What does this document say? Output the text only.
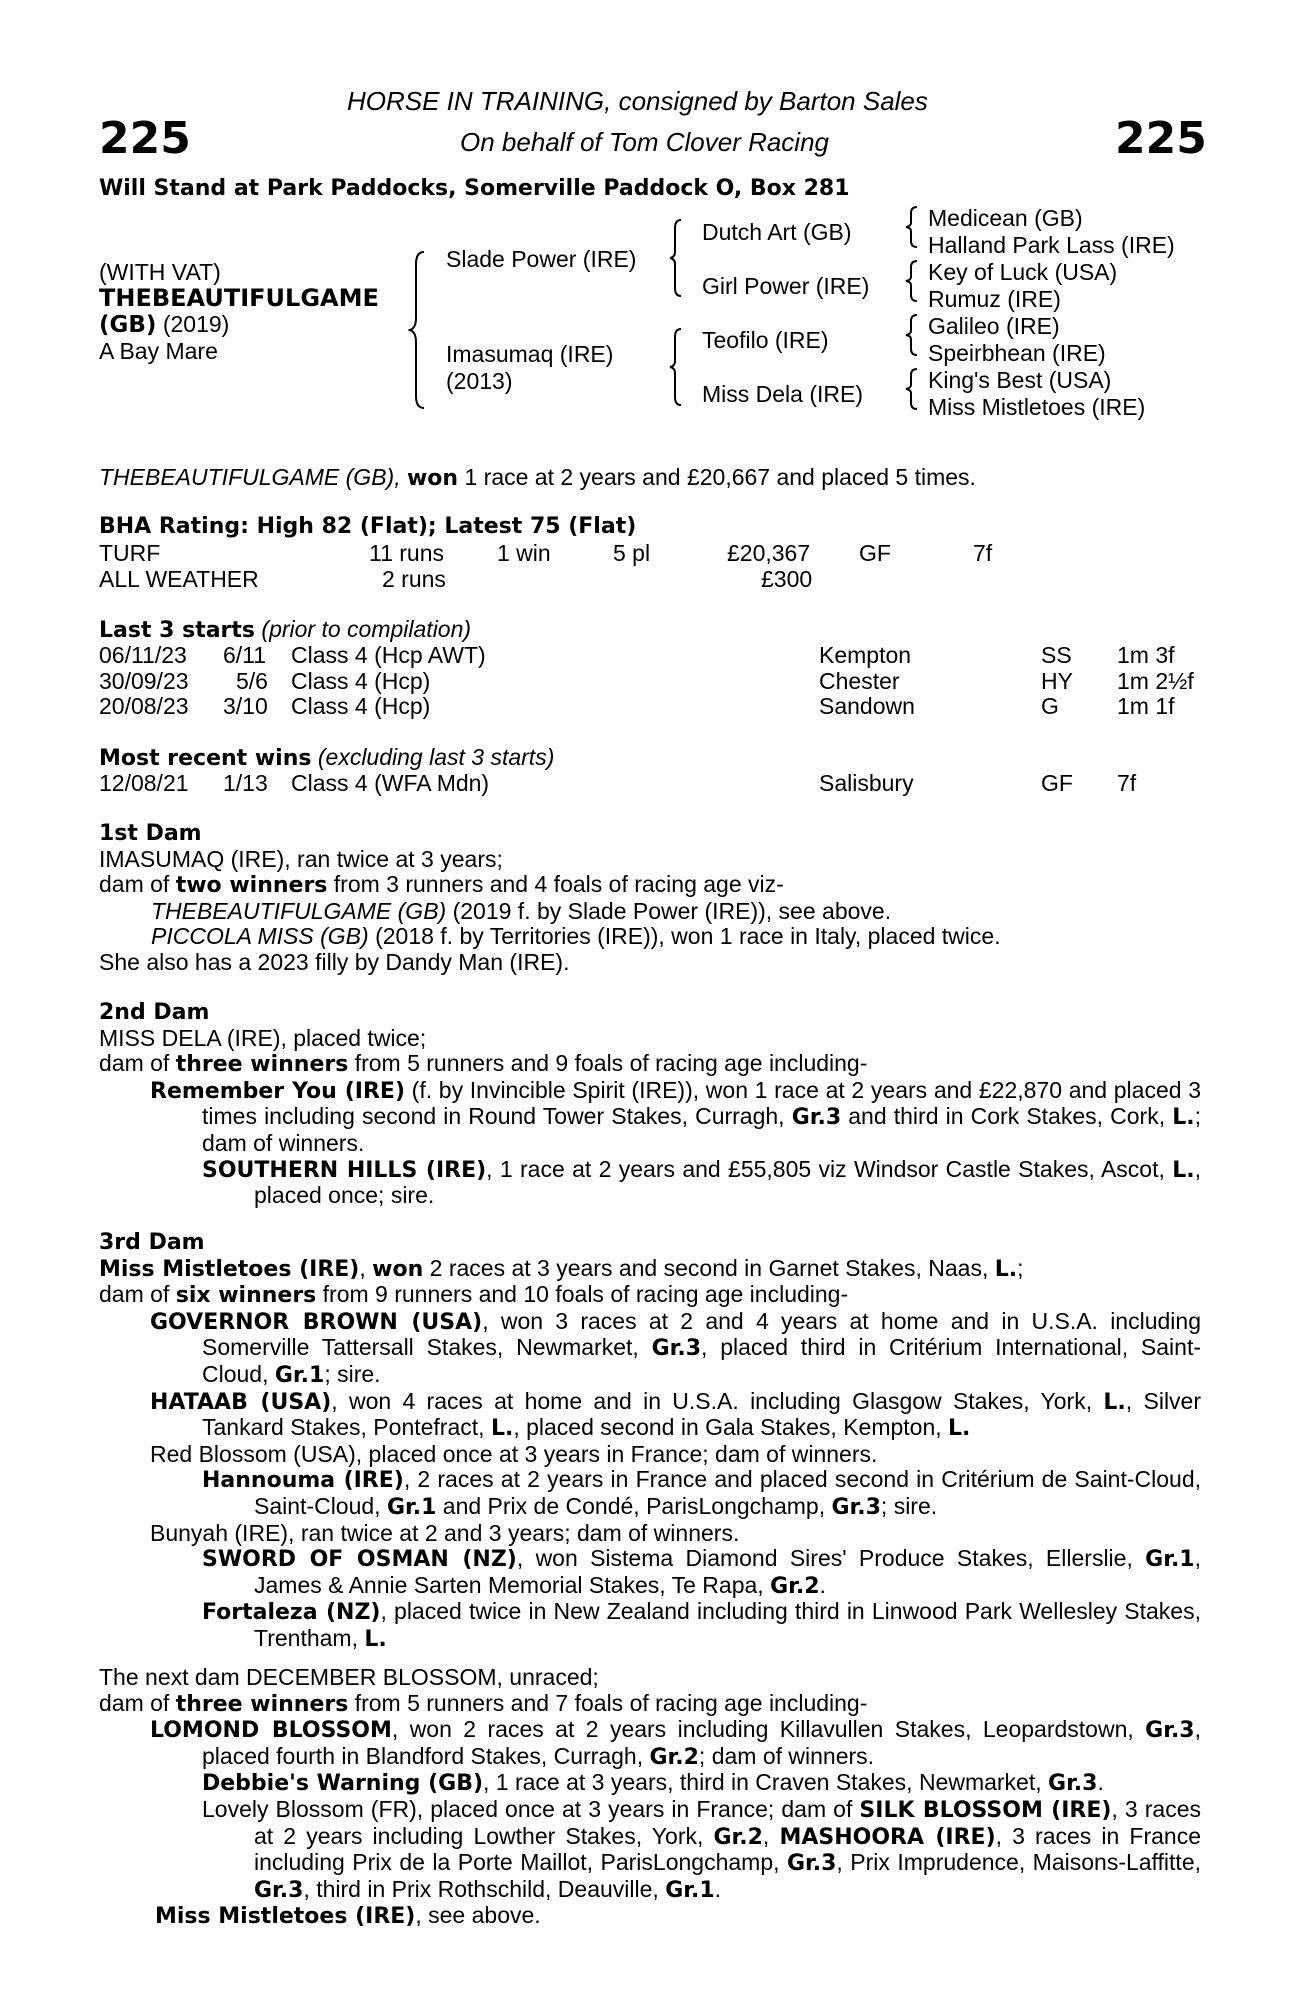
HORSE IN TRAINING, consigned by Barton Sales
On behalf of Tom Clover Racing
225	225
Will Stand at Park Paddocks, Somerville Paddock O, Box 281
(WITH VAT)
THEBEAUTIFULGAME
(GB) (2019)
A Bay Mare
Slade Power (IRE)
Imasumaq (IRE)
(2013)
Dutch Art (GB)
Girl Power (IRE)
Teofilo (IRE)
Miss Dela (IRE)
Medicean (GB)
Halland Park Lass (IRE)
Key of Luck (USA)
Rumuz (IRE)
Galileo (IRE)
Speirbhean (IRE)
King's Best (USA)
Miss Mistletoes (IRE)
THEBEAUTIFULGAME (GB), won 1 race at 2 years and £20,667 and placed 5 times.
BHA Rating: High 82 (Flat); Latest 75 (Flat)
TURF	11 runs 1 win	5 pl	£20,367 GF	7f
ALL WEATHER	2 runs	£300
Last 3 starts (prior to compilation)
06/11/23 6/11 Class 4 (Hcp AWT)	Kempton	SS 1m 3f
30/09/23 5/6 Class 4 (Hcp)	Chester	HY 1m 2½f
20/08/23 3/10 Class 4 (Hcp)	Sandown	G	1m 1f
Most recent wins (excluding last 3 starts)
12/08/21 1/13 Class 4 (WFA Mdn)	Salisbury	GF 7f
1st Dam
IMASUMAQ (IRE), ran twice at 3 years;
dam of two winners from 3 runners and 4 foals of racing age viz-
THEBEAUTIFULGAME (GB) (2019 f. by Slade Power (IRE)), see above.
PICCOLA MISS (GB) (2018 f. by Territories (IRE)), won 1 race in Italy, placed twice.
She also has a 2023 filly by Dandy Man (IRE).
2nd Dam
MISS DELA (IRE), placed twice;
dam of three winners from 5 runners and 9 foals of racing age including-
Remember You (IRE) (f. by Invincible Spirit (IRE)), won 1 race at 2 years and £22,870 and placed 3 times including second in Round Tower Stakes, Curragh, Gr.3 and third in Cork Stakes, Cork, L.; dam of winners.
SOUTHERN HILLS (IRE), 1 race at 2 years and £55,805 viz Windsor Castle Stakes, Ascot, L., placed once; sire.
3rd Dam
Miss Mistletoes (IRE), won 2 races at 3 years and second in Garnet Stakes, Naas, L.;
dam of six winners from 9 runners and 10 foals of racing age including-
GOVERNOR BROWN (USA), won 3 races at 2 and 4 years at home and in U.S.A. including Somerville Tattersall Stakes, Newmarket, Gr.3, placed third in Critérium International, Saint-Cloud, Gr.1; sire.
HATAAB (USA), won 4 races at home and in U.S.A. including Glasgow Stakes, York, L., Silver Tankard Stakes, Pontefract, L., placed second in Gala Stakes, Kempton, L.
Red Blossom (USA), placed once at 3 years in France; dam of winners.
Hannouma (IRE), 2 races at 2 years in France and placed second in Critérium de Saint-Cloud, Saint-Cloud, Gr.1 and Prix de Condé, ParisLongchamp, Gr.3; sire.
Bunyah (IRE), ran twice at 2 and 3 years; dam of winners.
SWORD OF OSMAN (NZ), won Sistema Diamond Sires' Produce Stakes, Ellerslie, Gr.1, James & Annie Sarten Memorial Stakes, Te Rapa, Gr.2.
Fortaleza (NZ), placed twice in New Zealand including third in Linwood Park Wellesley Stakes, Trentham, L.
The next dam DECEMBER BLOSSOM, unraced;
dam of three winners from 5 runners and 7 foals of racing age including-
LOMOND BLOSSOM, won 2 races at 2 years including Killavullen Stakes, Leopardstown, Gr.3, placed fourth in Blandford Stakes, Curragh, Gr.2; dam of winners.
Debbie's Warning (GB), 1 race at 3 years, third in Craven Stakes, Newmarket, Gr.3.
Lovely Blossom (FR), placed once at 3 years in France; dam of SILK BLOSSOM (IRE), 3 races at 2 years including Lowther Stakes, York, Gr.2, MASHOORA (IRE), 3 races in France including Prix de la Porte Maillot, ParisLongchamp, Gr.3, Prix Imprudence, Maisons-Laffitte, Gr.3, third in Prix Rothschild, Deauville, Gr.1.
Miss Mistletoes (IRE), see above.
